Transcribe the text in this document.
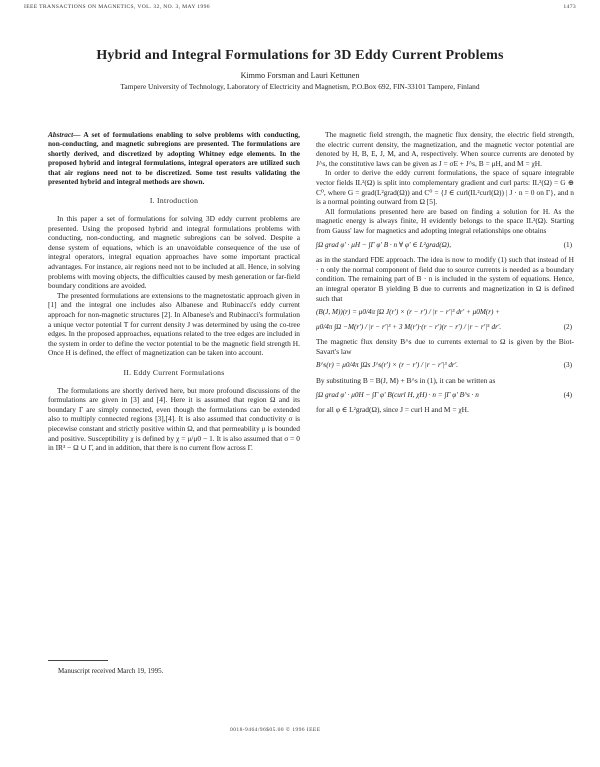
IEEE TRANSACTIONS ON MAGNETICS, VOL. 32, NO. 3, MAY 1996	1473
Hybrid and Integral Formulations for 3D Eddy Current Problems
Kimmo Forsman and Lauri Kettunen
Tampere University of Technology, Laboratory of Electricity and Magnetism, P.O.Box 692, FIN-33101 Tampere, Finland
Abstract— A set of formulations enabling to solve problems with conducting, non-conducting, and magnetic subregions are presented. The formulations are shortly derived, and discretized by adopting Whitney edge elements. In the proposed hybrid and integral formulations, integral operators are utilized such that air regions need not to be discretized. Some test results validating the presented hybrid and integral methods are shown.
I. Introduction

In this paper a set of formulations for solving 3D eddy current problems are presented. Using the proposed hybrid and integral formulations problems with conducting, non-conducting, and magnetic subregions can be solved. Despite a dense system of equations, which is an unavoidable consequence of the use of integral operators, integral equation approaches have some important practical advantages. For instance, air regions need not to be included at all. Hence, in solving problems with moving objects, the difficulties caused by mesh generation or far-field boundary conditions are avoided.

The presented formulations are extensions to the magnetostatic approach given in [1] and the integral one includes also Albanese and Rubinacci's eddy current approach for non-magnetic structures [2]. In Albanese's and Rubinacci's formulation a unique vector potential T for current density J was determined by using the co-tree edges. In the proposed approaches, equations related to the tree edges are included in the system in order to define the vector potential to be the magnetic field strength H. Once H is defined, the effect of magnetization can be taken into account.

II. Eddy Current Formulations

The formulations are shortly derived here, but more profound discussions of the formulations are given in [3] and [4]. Here it is assumed that region Ω and its boundary Γ are simply connected, even though the formulations can be extended also to multiply connected regions [3],[4]. It is also assumed that conductivity σ is piecewise constant and strictly positive within Ω, and that permeability μ is bounded and positive. Susceptibility χ is defined by χ = μ/μ0 − 1. It is also assumed that σ = 0 in IR³ − Ω ∪ Γ, and in addition, that there is no current flow across Γ.

The magnetic field strength, the magnetic flux density, the electric field strength, the electric current density, the magnetization, and the magnetic vector potential are denoted by H, B, E, J, M, and A, respectively. When source currents are denoted by J^s, the constitutive laws can be given as J = σE + J^s, B = μH, and M = χH.

In order to derive the eddy current formulations, the space of square integrable vector fields IL²(Ω) is split into complementary gradient and curl parts: IL²(Ω) = G ⊕ C⁰, where G = grad(L²grad(Ω)) and C⁰ = {J ∈ curl(IL²curl(Ω)) | J · n = 0 on Γ}, and n is a normal pointing outward from Ω [5].

All formulations presented here are based on finding a solution for H. As the magnetic energy is always finite, H evidently belongs to the space IL²(Ω). Starting from Gauss' law for magnetics and adopting integral relationships one obtains

∫Ω grad φ′ · μH − ∫Γ φ′ B · n ∀ φ′ ∈ L²grad(Ω),	(1)

as in the standard FDE approach. The idea is now to modify (1) such that instead of H · n only the normal component of field due to source currents is needed as a boundary condition. The remaining part of B · n is included in the system of equations. Hence, an integral operator B yielding B due to currents and magnetization in Ω is defined such that

(B(J, M))(r) = μ0/4π ∫Ω J(r′) × (r − r′) / |r − r′|³ dr′ + μ0M(r) +
μ0/4π ∫Ω −M(r′) / |r − r′|³ + 3 M(r′)·(r − r′)(r − r′) / |r − r′|⁵ dr′.	(2)

The magnetic flux density B^s due to currents external to Ω is given by the Biot-Savart's law

B^s(r) = μ0/4π ∫Ωs J^s(r′) × (r − r′) / |r − r′|³ dr′.	(3)

By substituting B = B(J, M) + B^s in (1), it can be written as

∫Ω grad φ′ · μ0H − ∫Γ φ′ B(curl H, χH) · n = ∫Γ φ′ B^s · n	(4)

for all φ ∈ L²grad(Ω), since J = curl H and M = χH.

Manuscript received March 19, 1995.
0018-9464/96$05.00 © 1996 IEEE
